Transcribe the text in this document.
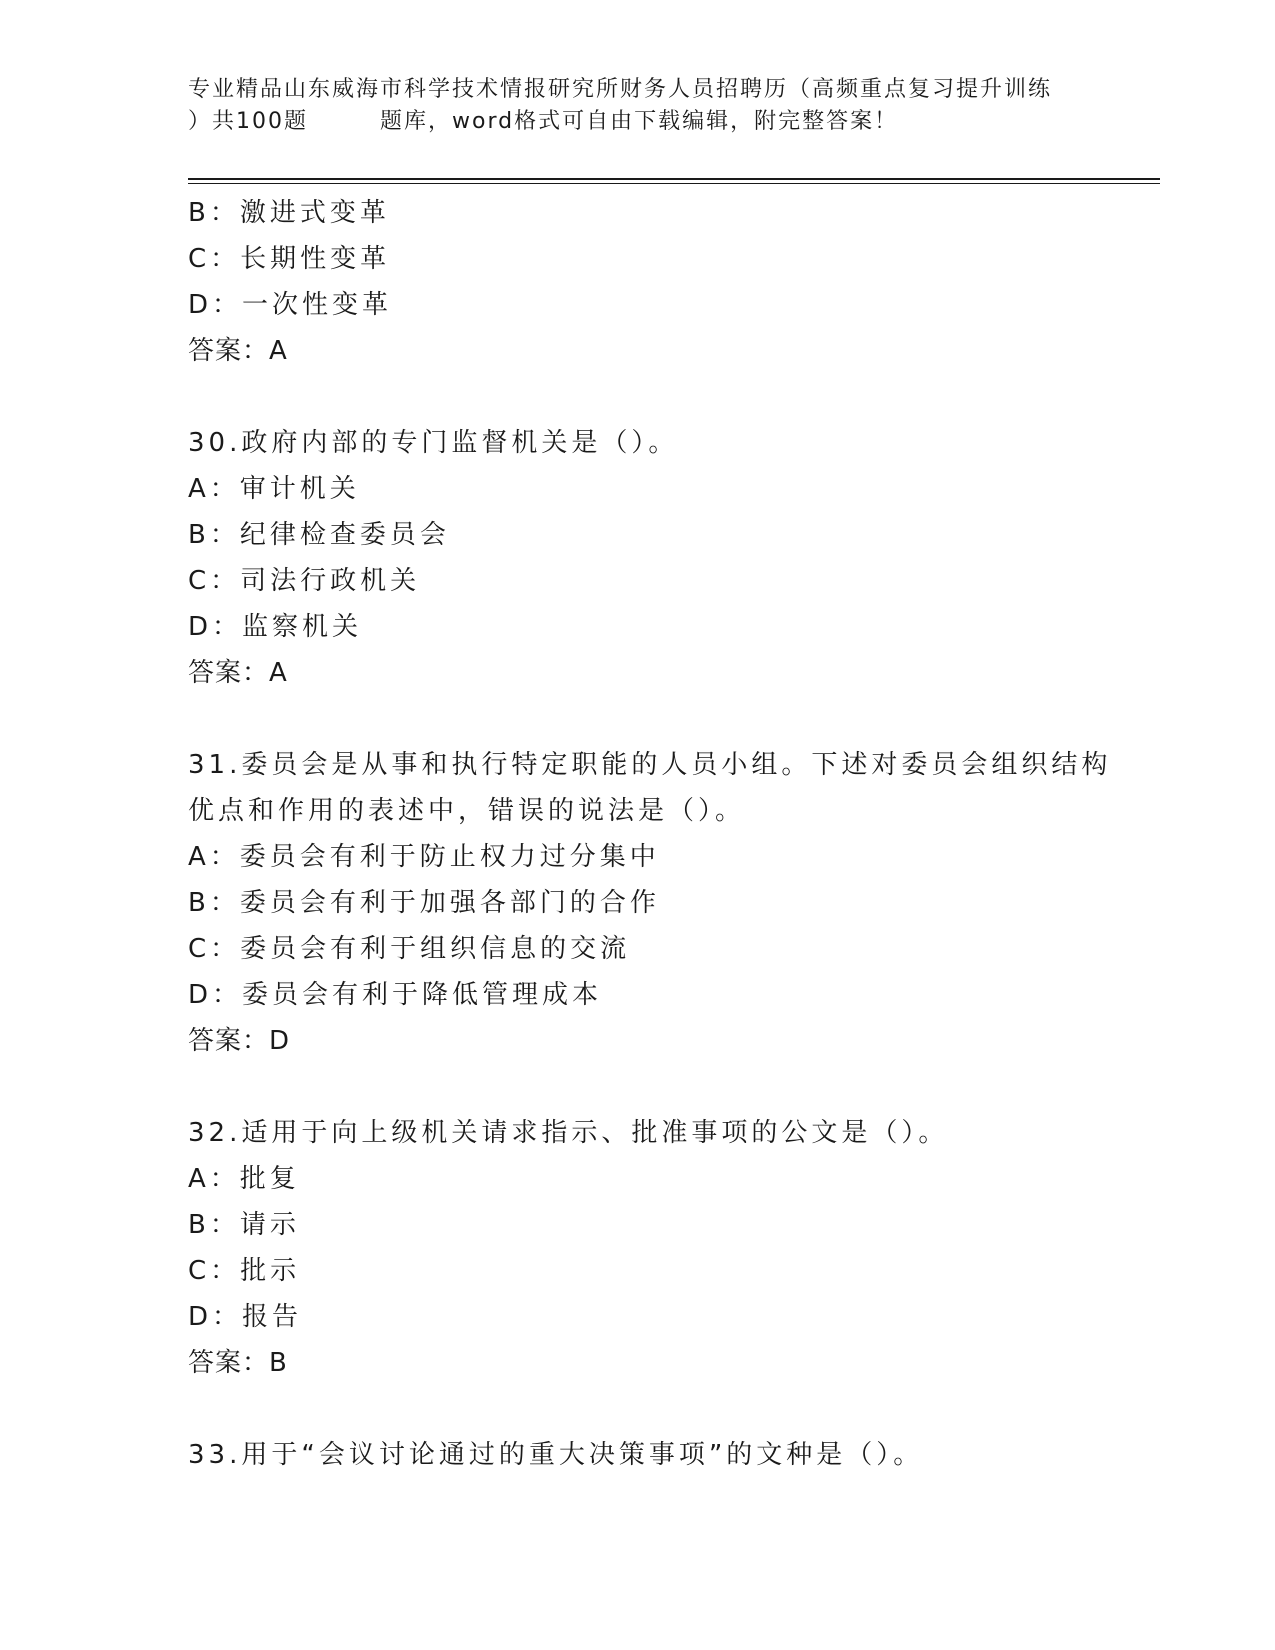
专业精品山东威海市科学技术情报研究所财务人员招聘历（高频重点复习提升训练
）共100题	题库，word格式可自由下载编辑，附完整答案！
B：激进式变革
C：长期性变革
D：一次性变革
答案：A
30.政府内部的专门监督机关是（）。
A：审计机关
B：纪律检查委员会
C：司法行政机关
D：监察机关
答案：A
31.委员会是从事和执行特定职能的人员小组。下述对委员会组织结构
优点和作用的表述中，错误的说法是（）。
A：委员会有利于防止权力过分集中
B：委员会有利于加强各部门的合作
C：委员会有利于组织信息的交流
D：委员会有利于降低管理成本
答案：D
32.适用于向上级机关请求指示、批准事项的公文是（）。
A：批复
B：请示
C：批示
D：报告
答案：B
33.用于“会议讨论通过的重大决策事项”的文种是（）。
